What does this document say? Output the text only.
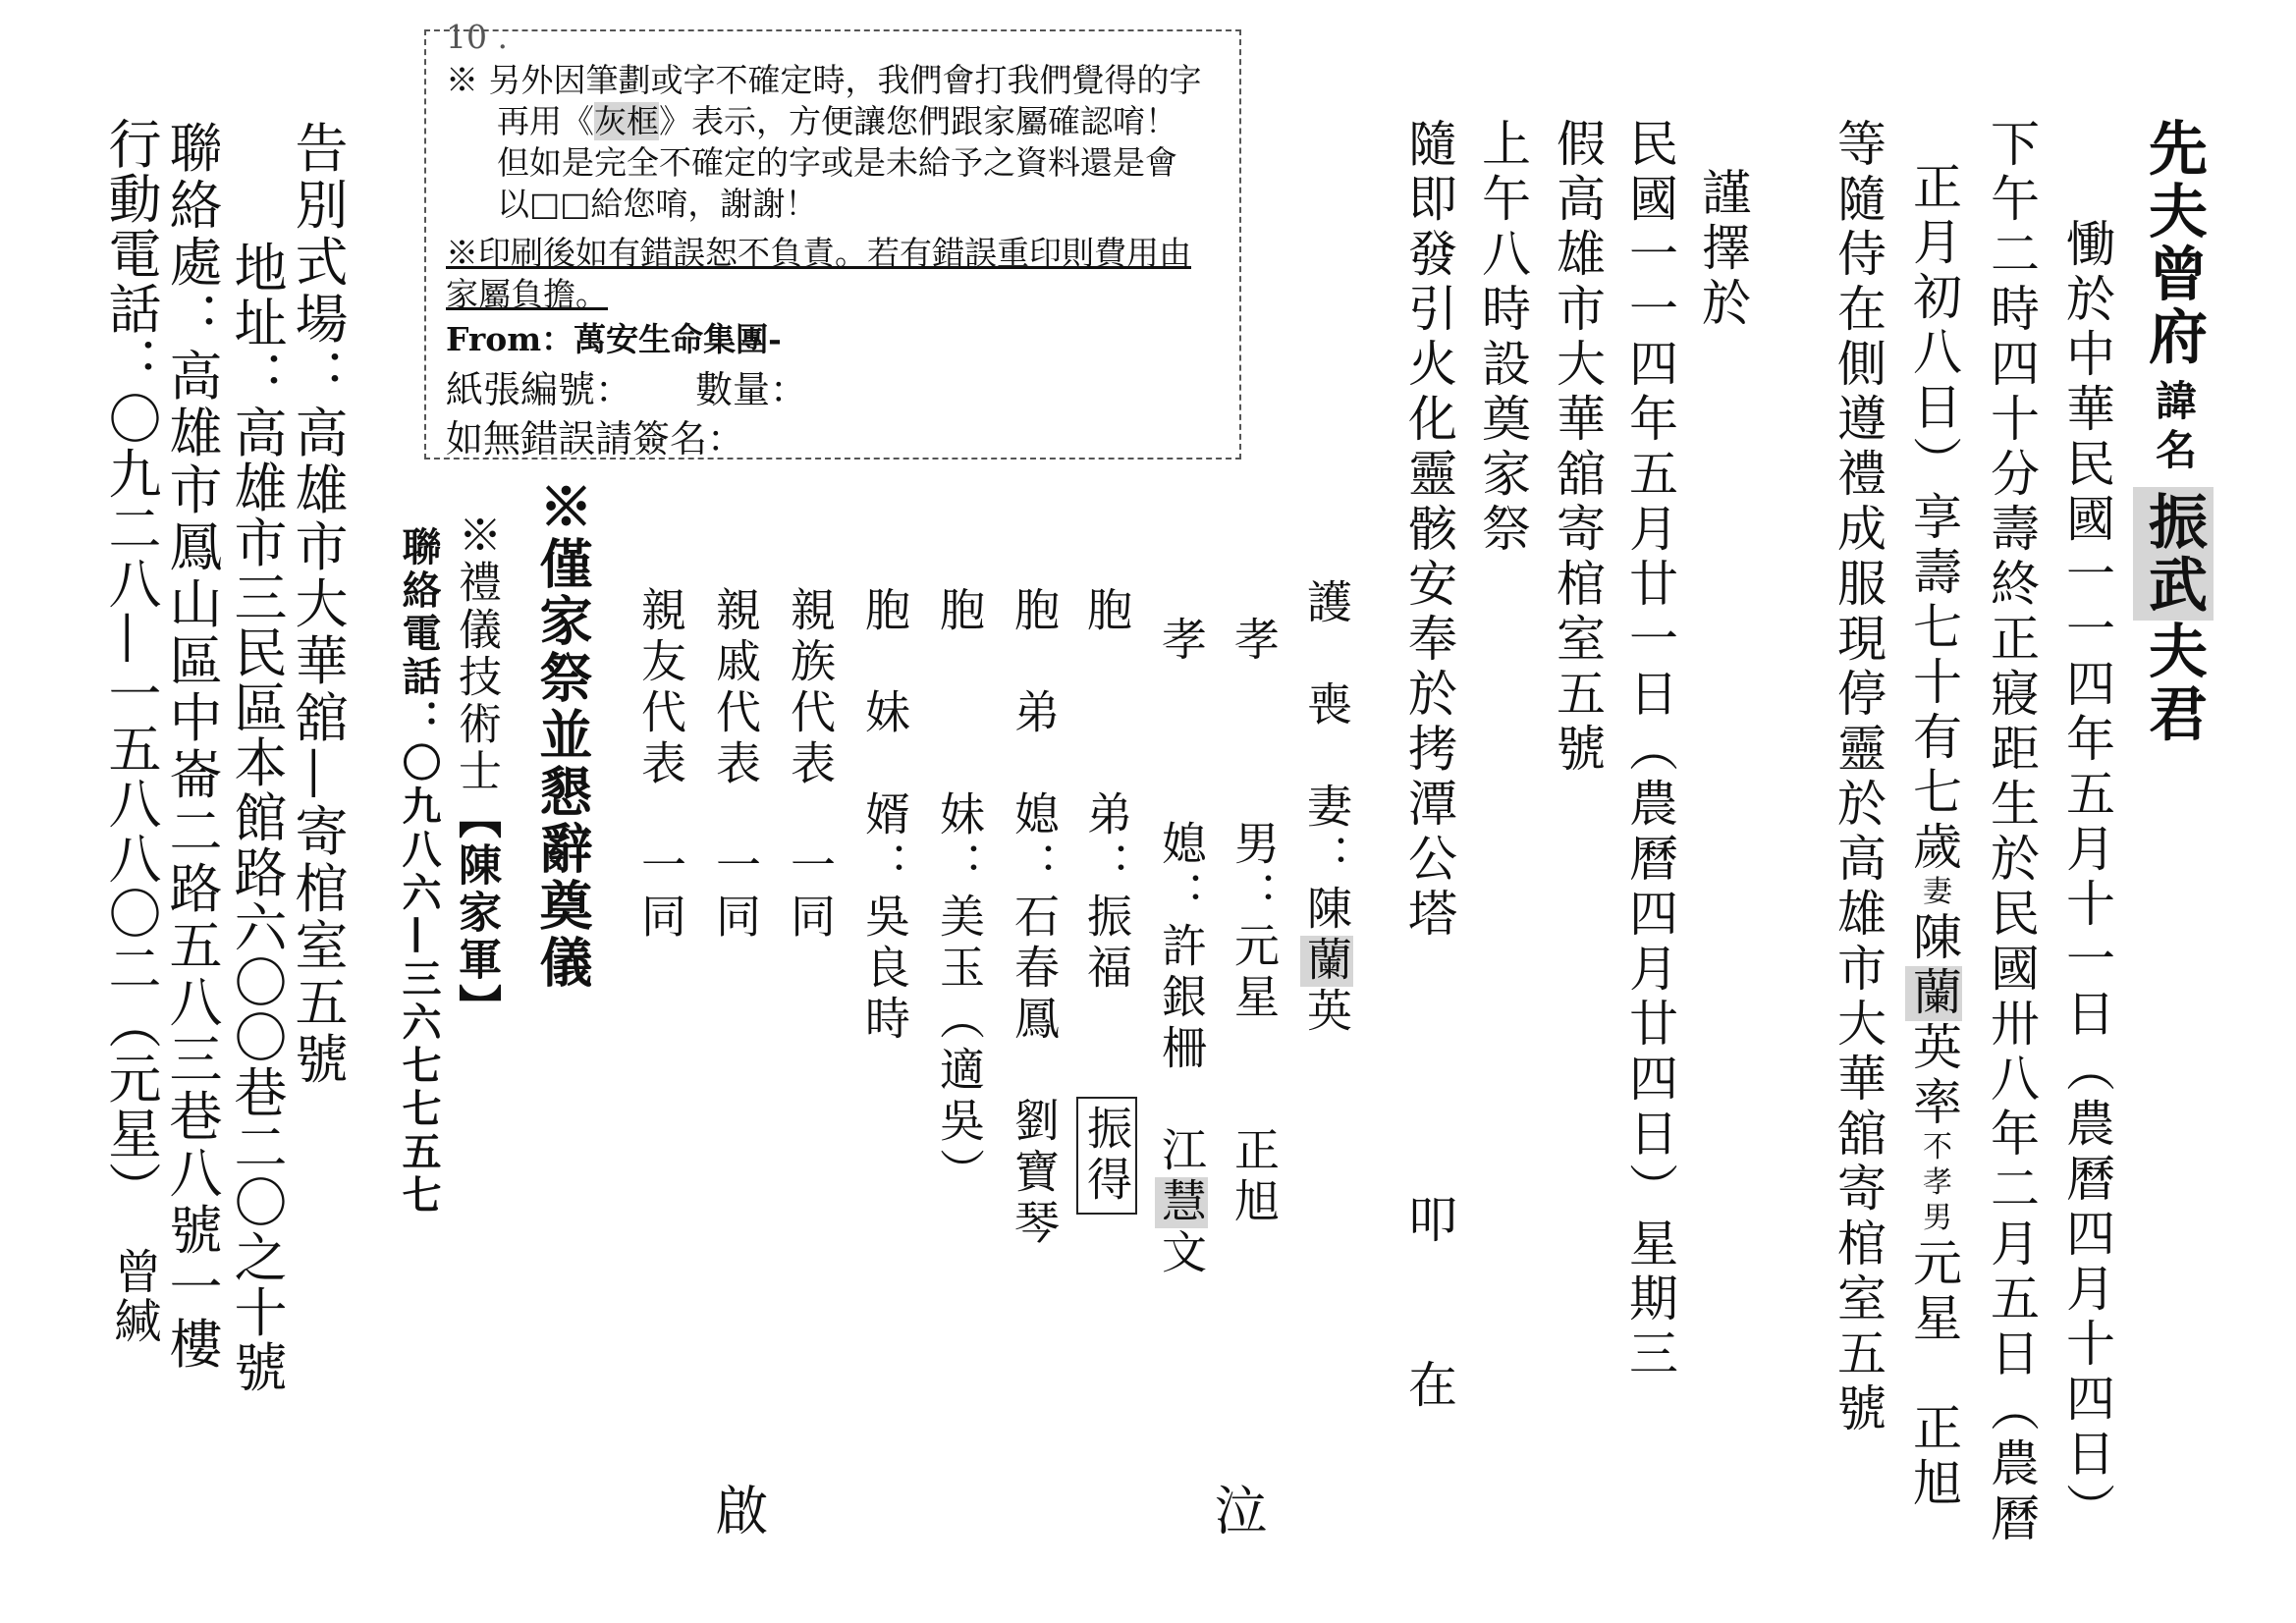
先夫曾府諱名振武夫君

慟於中華民國一一四年五月十一日（農曆四月十四日）
下午二時四十分壽終正寢距生於民國卅八年二月五日（農曆

正月初八日）享壽七十有七歲妻陳蘭英率不孝男元星　正旭

等隨侍在側遵禮成服現停靈於高雄市大華舘寄棺室五號
謹擇於
民國一一四年五月廿一日（農曆四月廿四日）星期三
假高雄市大華舘寄棺室五號
上午八時設奠家祭
隨即發引火化靈骸安奉於拷潭公塔
叩　　在

護　喪　妻：陳蘭英

孝　　　男：元星　　正旭

孝　　　媳：許銀柵　江慧文

胞　　　弟：振福　　振得

胞　弟　媳：石春鳳　劉寶琴

胞　　　妹：美玉（適吳）

胞　妹　婿：吳良時

親族代表　一同

親戚代表　一同

親友代表　一同

泣
啟
※僅家祭並懇辭奠儀

※禮儀技術士【陳家軍】

聯絡電話：〇九八六—三六七七五七

告別式場：高雄市大華舘—寄棺室五號

地址：高雄市三民區本館路六〇〇巷二〇之十號

聯絡處：高雄市鳳山區中崙二路五八三巷八號一樓

行動電話：〇九二八—一五八八〇二（元星）

曾緘
10 .
※ 另外因筆劃或字不確定時，我們會打我們覺得的字
再用《灰框》表示，方便讓您們跟家屬確認唷！
但如是完全不確定的字或是未給予之資料還是會
以□□給您唷，謝謝！
※印刷後如有錯誤恕不負責。若有錯誤重印則費用由
家屬負擔。
From：萬安生命集團-
紙張編號： 數量：
如無錯誤請簽名：
